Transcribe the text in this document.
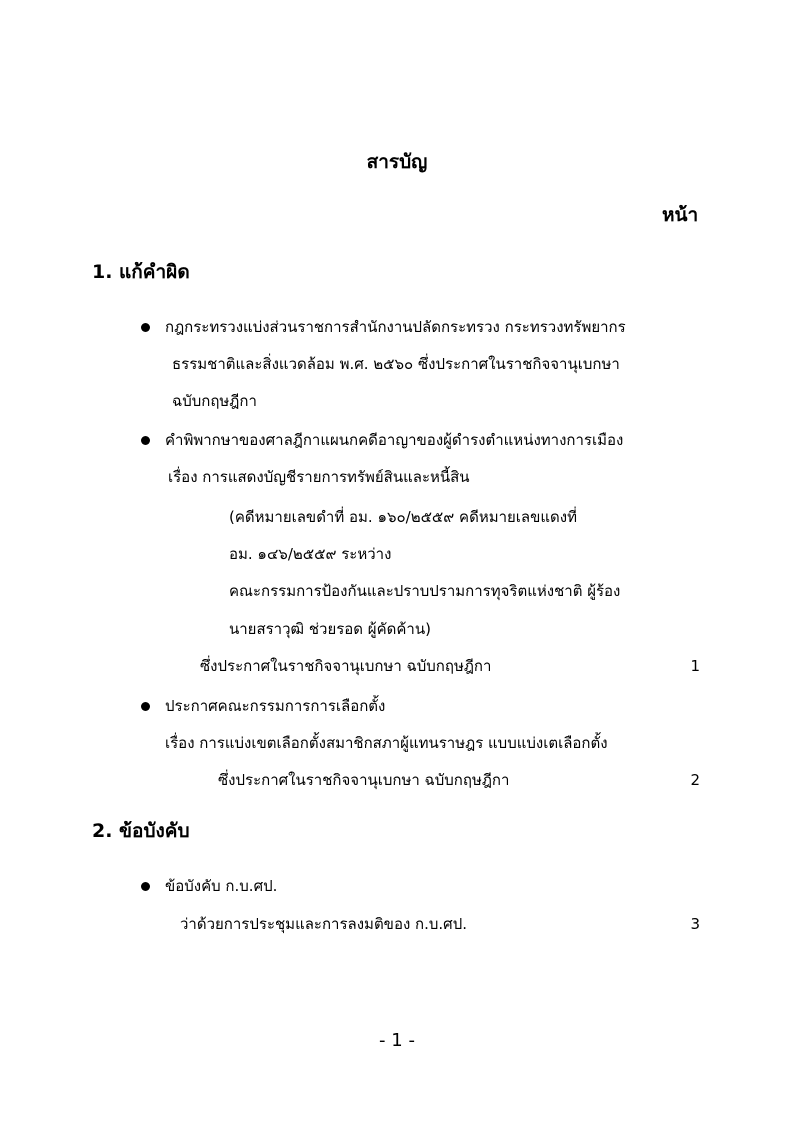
สารบัญ
หน้า
1. แก้คำผิด
กฎกระทรวงแบ่งส่วนราชการสำนักงานปลัดกระทรวง กระทรวงทรัพยากร
ธรรมชาติและสิ่งแวดล้อม พ.ศ. ๒๕๖๐ ซึ่งประกาศในราชกิจจานุเบกษา
ฉบับกฤษฎีกา
คำพิพากษาของศาลฎีกาแผนกคดีอาญาของผู้ดำรงตำแหน่งทางการเมือง
เรื่อง การแสดงบัญชีรายการทรัพย์สินและหนี้สิน
(คดีหมายเลขดำที่ อม. ๑๖๐/๒๕๕๙ คดีหมายเลขแดงที่
อม. ๑๔๖/๒๕๕๙ ระหว่าง
คณะกรรมการป้องกันและปราบปรามการทุจริตแห่งชาติ ผู้ร้อง
นายสราวุฒิ ช่วยรอด ผู้คัดค้าน)
ซึ่งประกาศในราชกิจจานุเบกษา ฉบับกฤษฎีกา	1
ประกาศคณะกรรมการการเลือกตั้ง
เรื่อง การแบ่งเขตเลือกตั้งสมาชิกสภาผู้แทนราษฎร แบบแบ่งเตเลือกตั้ง
ซึ่งประกาศในราชกิจจานุเบกษา ฉบับกฤษฎีกา	2
2. ข้อบังคับ
ข้อบังคับ ก.บ.ศป.
ว่าด้วยการประชุมและการลงมติของ ก.บ.ศป.	3
- 1 -
